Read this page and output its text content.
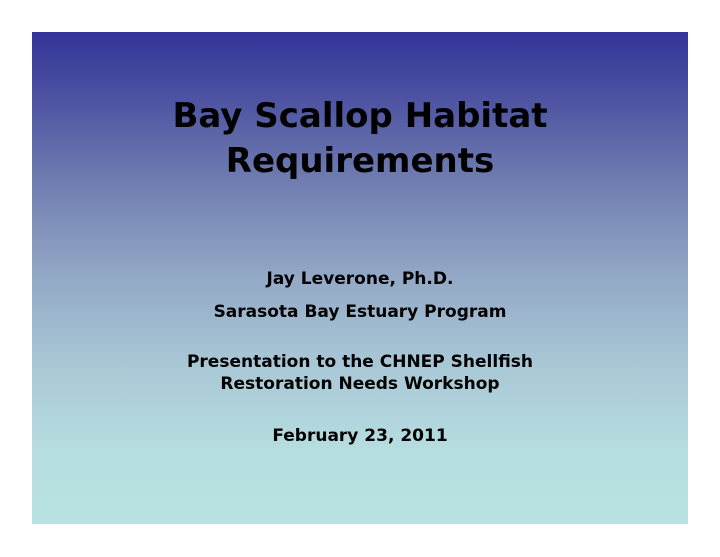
Bay Scallop Habitat
Requirements
Jay Leverone, Ph.D.
Sarasota Bay Estuary Program
Presentation to the CHNEP Shellfish
Restoration Needs Workshop
February 23, 2011
